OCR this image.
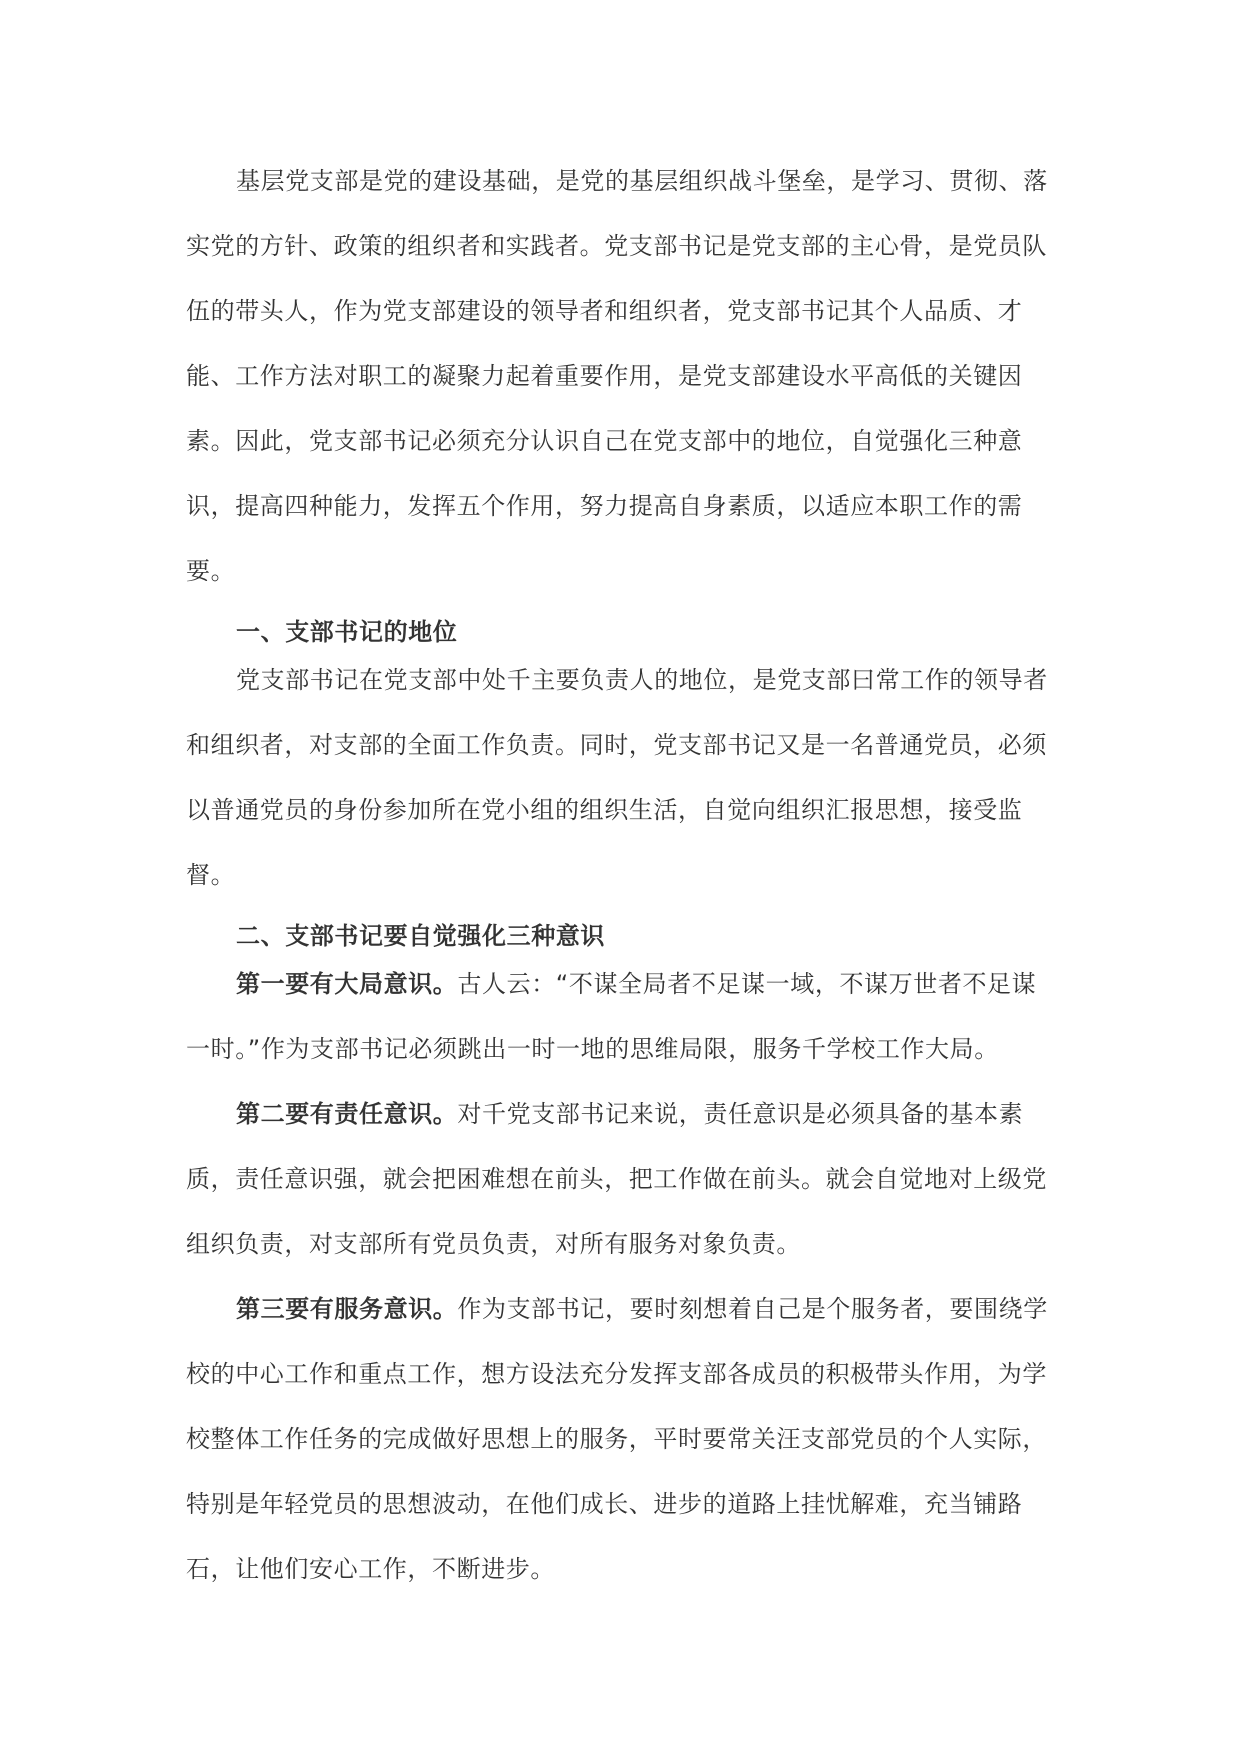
基层党支部是党的建设基础，是党的基层组织战斗堡垒，是学习、贯彻、落实党的方针、政策的组织者和实践者。党支部书记是党支部的主心骨，是党员队伍的带头人，作为党支部建设的领导者和组织者，党支部书记其个人品质、才能、工作方法对职工的凝聚力起着重要作用，是党支部建设水平高低的关键因素。因此，党支部书记必须充分认识自己在党支部中的地位，自觉强化三种意识，提高四种能力，发挥五个作用，努力提高自身素质，以适应本职工作的需要。

一、支部书记的地位

党支部书记在党支部中处千主要负责人的地位，是党支部曰常工作的领导者和组织者，对支部的全面工作负责。同时，党支部书记又是一名普通党员，必须以普通党员的身份参加所在党小组的组织生活，自觉向组织汇报思想，接受监督。

二、支部书记要自觉强化三种意识

第一要有大局意识。古人云：“不谋全局者不足谋一域，不谋万世者不足谋一时。”作为支部书记必须跳出一时一地的思维局限，服务千学校工作大局。

第二要有责任意识。对千党支部书记来说，责任意识是必须具备的基本素质，责任意识强，就会把困难想在前头，把工作做在前头。就会自觉地对上级党组织负责，对支部所有党员负责，对所有服务对象负责。

第三要有服务意识。作为支部书记，要时刻想着自己是个服务者，要围绕学校的中心工作和重点工作，想方设法充分发挥支部各成员的积极带头作用，为学校整体工作任务的完成做好思想上的服务，平时要常关汪支部党员的个人实际，特别是年轻党员的思想波动，在他们成长、进步的道路上挂忧解难，充当铺路石，让他们安心工作，不断进步。
